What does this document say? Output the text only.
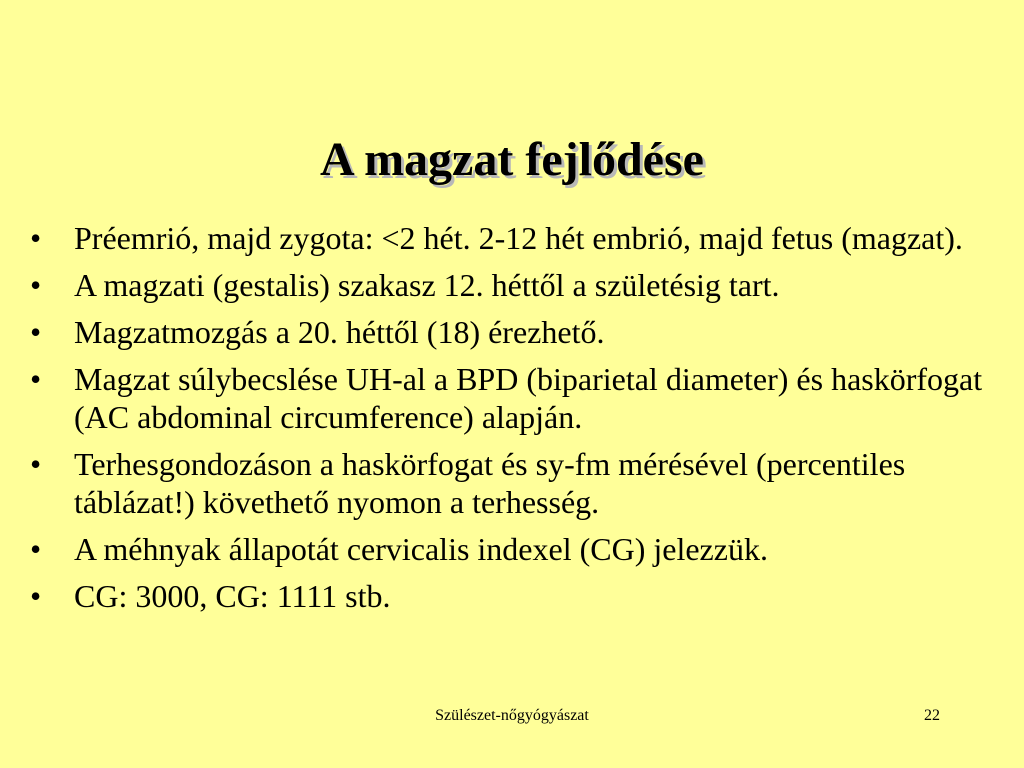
A magzat fejlődése
•	Préemrió, majd zygota: <2 hét. 2-12 hét embrió, majd fetus (magzat).
•	A magzati (gestalis) szakasz 12. héttől a születésig tart.
•	Magzatmozgás a 20. héttől (18) érezhető.
•	Magzat súlybecslése UH-al a BPD (biparietal diameter) és haskörfogat (AC abdominal circumference) alapján.
•	Terhesgondozáson a haskörfogat és sy-fm mérésével (percentiles táblázat!) követhető nyomon a terhesség.
•	A méhnyak állapotát cervicalis indexel (CG) jelezzük.
•	CG: 3000, CG: 1111 stb.
Szülészet-nőgyógyászat	22
